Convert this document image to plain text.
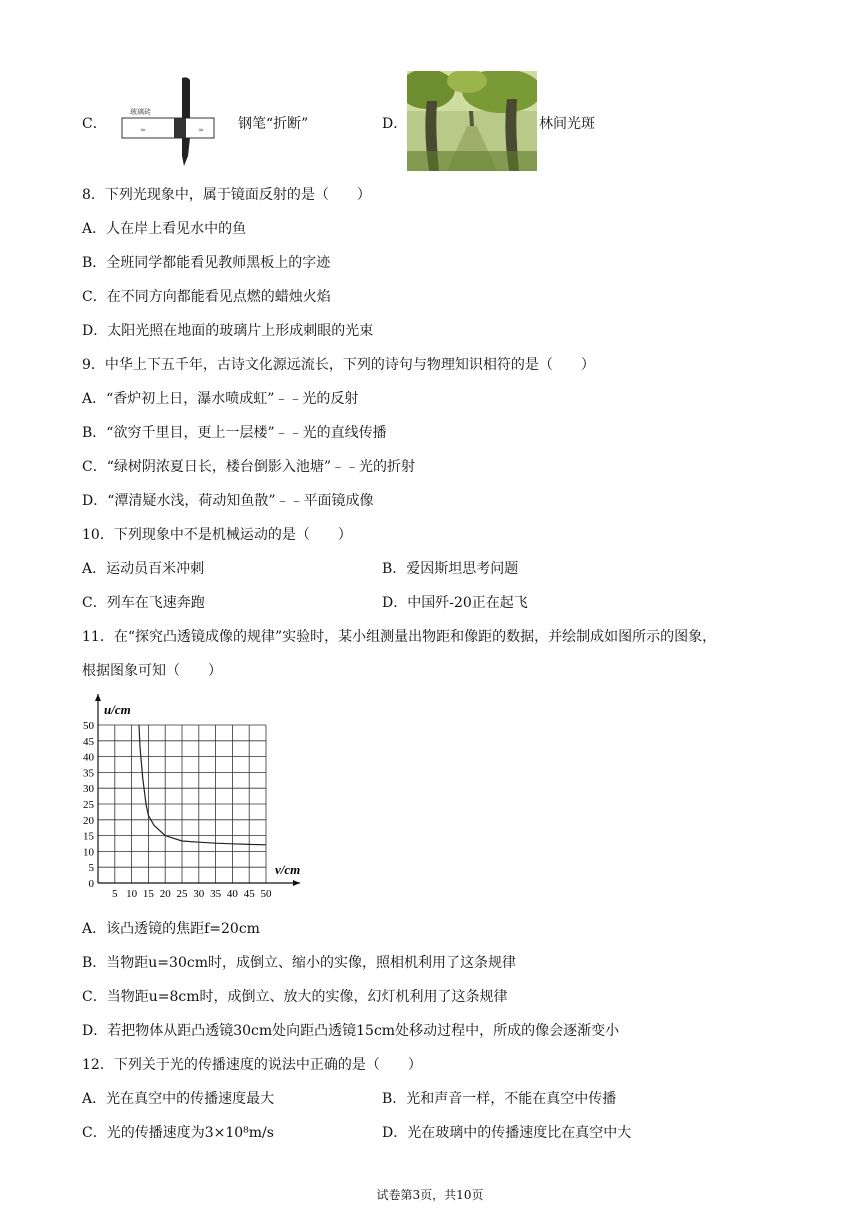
C．
玻璃砖
≈	≈ 钢笔“折断”	D．	林间光斑
8．下列光现象中，属于镜面反射的是（　　）
A．人在岸上看见水中的鱼
B．全班同学都能看见教师黑板上的字迹
C．在不同方向都能看见点燃的蜡烛火焰
D．太阳光照在地面的玻璃片上形成刺眼的光束
9．中华上下五千年，古诗文化源远流长，下列的诗句与物理知识相符的是（　　）
A．“香炉初上日，瀑水喷成虹”﹣﹣光的反射
B．“欲穷千里目，更上一层楼”﹣﹣光的直线传播
C．“绿树阴浓夏日长，楼台倒影入池塘”﹣﹣光的折射
D．“潭清疑水浅，荷动知鱼散”﹣﹣平面镜成像
10．下列现象中不是机械运动的是（　　）
A．运动员百米冲刺	B．爱因斯坦思考问题
C．列车在飞速奔跑	D．中国歼-20正在起飞
11．在“探究凸透镜成像的规律”实验时，某小组测量出物距和像距的数据，并绘制成如图所示的图象，
根据图象可知（　　）
0
5
10
15
20
25
30
35
40
45
50
5 10 15 20 25 30 35 40 45 50
u/cm
v/cm
A．该凸透镜的焦距f=20cm
B．当物距u=30cm时，成倒立、缩小的实像，照相机利用了这条规律
C．当物距u=8cm时，成倒立、放大的实像，幻灯机利用了这条规律
D．若把物体从距凸透镜30cm处向距凸透镜15cm处移动过程中，所成的像会逐渐变小
12．下列关于光的传播速度的说法中正确的是（　　）
A．光在真空中的传播速度最大	B．光和声音一样，不能在真空中传播
C．光的传播速度为3×10⁸m/s	D．光在玻璃中的传播速度比在真空中大
试卷第3页，共10页
